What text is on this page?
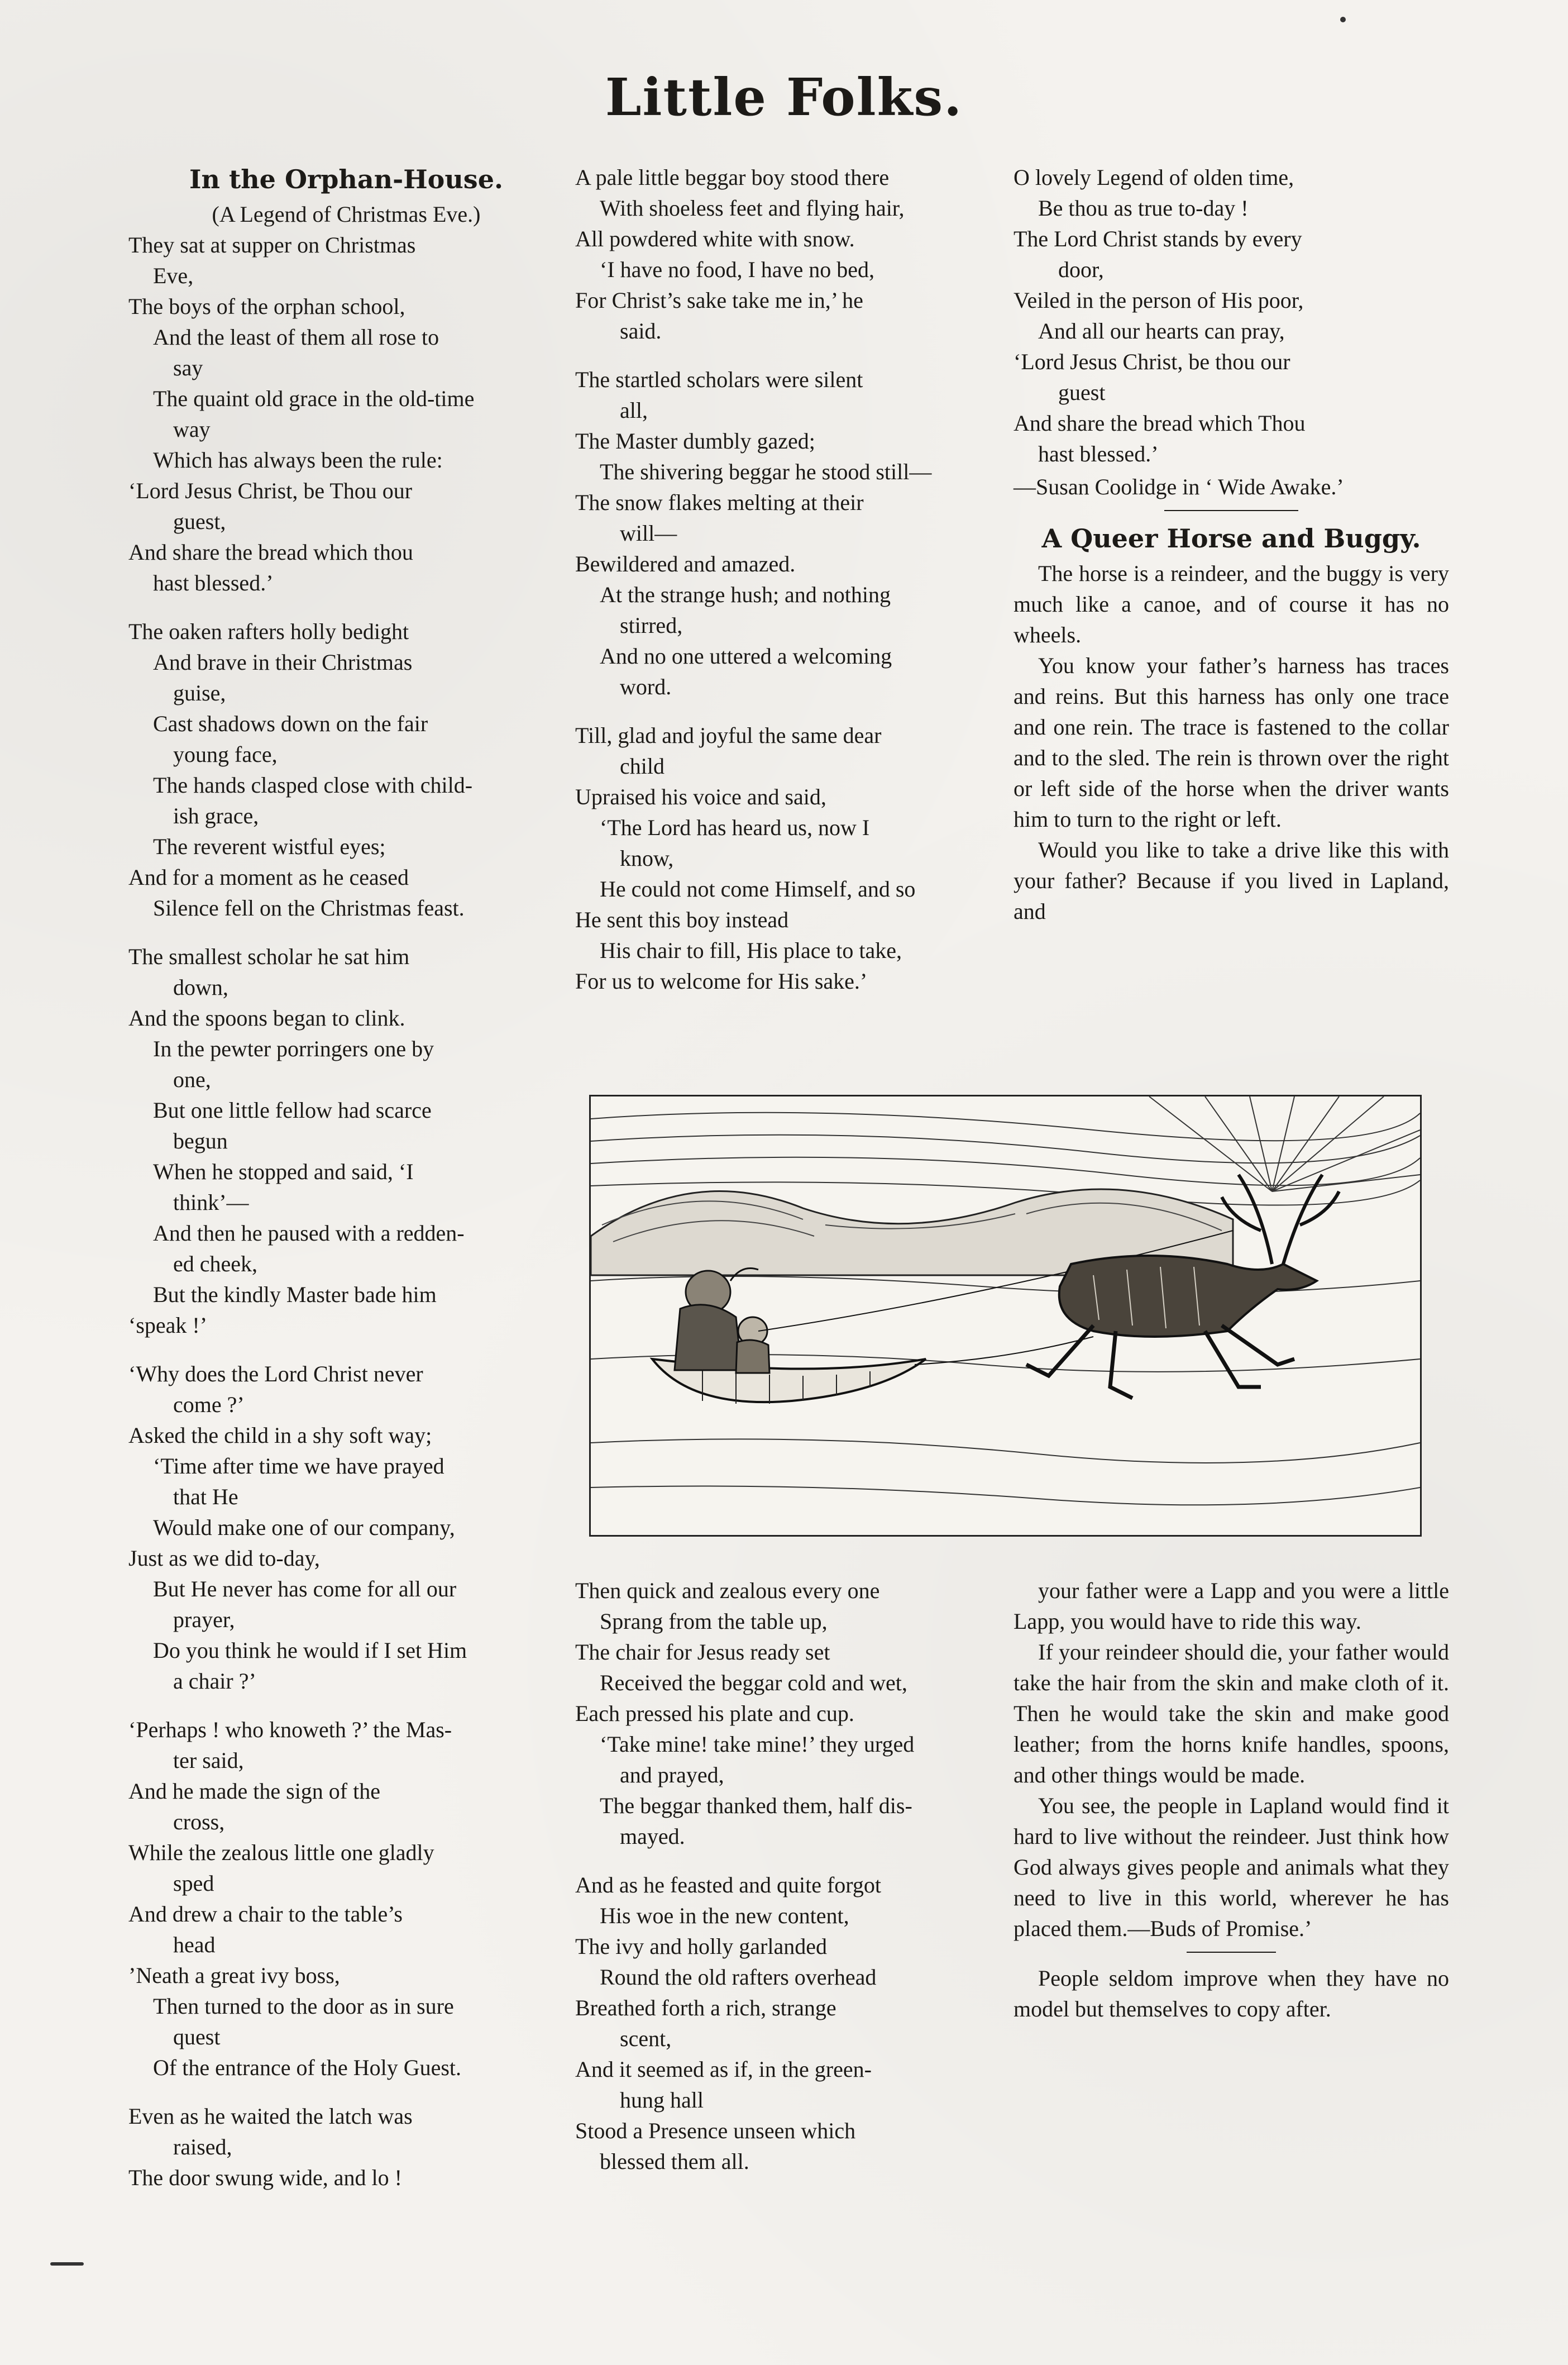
Little Folks.
In the Orphan-House.
(A Legend of Christmas Eve.)
They sat at supper on Christmas
Eve,
The boys of the orphan school,
And the least of them all rose to
say
The quaint old grace in the old-time
way
Which has always been the rule:
‘Lord Jesus Christ, be Thou our
guest,
And share the bread which thou
hast blessed.’
The oaken rafters holly bedight
And brave in their Christmas
guise,
Cast shadows down on the fair
young face,
The hands clasped close with child-
ish grace,
The reverent wistful eyes;
And for a moment as he ceased
Silence fell on the Christmas feast.
The smallest scholar he sat him
down,
And the spoons began to clink.
In the pewter porringers one by
one,
But one little fellow had scarce
begun
When he stopped and said, ‘I
think’—
And then he paused with a redden-
ed cheek,
But the kindly Master bade him
‘speak !’
‘Why does the Lord Christ never
come ?’
Asked the child in a shy soft way;
‘Time after time we have prayed
that He
Would make one of our company,
Just as we did to-day,
But He never has come for all our
prayer,
Do you think he would if I set Him
a chair ?’
‘Perhaps ! who knoweth ?’ the Mas-
ter said,
And he made the sign of the
cross,
While the zealous little one gladly
sped
And drew a chair to the table’s
head
’Neath a great ivy boss,
Then turned to the door as in sure
quest
Of the entrance of the Holy Guest.
Even as he waited the latch was
raised,
The door swung wide, and lo !
A pale little beggar boy stood there
With shoeless feet and flying hair,
All powdered white with snow.
‘I have no food, I have no bed,
For Christ’s sake take me in,’ he
said.
The startled scholars were silent
all,
The Master dumbly gazed;
The shivering beggar he stood still—
The snow flakes melting at their
will—
Bewildered and amazed.
At the strange hush; and nothing
stirred,
And no one uttered a welcoming
word.
Till, glad and joyful the same dear
child
Upraised his voice and said,
‘The Lord has heard us, now I
know,
He could not come Himself, and so
He sent this boy instead
His chair to fill, His place to take,
For us to welcome for His sake.’
O lovely Legend of olden time,
Be thou as true to-day !
The Lord Christ stands by every
door,
Veiled in the person of His poor,
And all our hearts can pray,
‘Lord Jesus Christ, be thou our
guest
And share the bread which Thou
hast blessed.’
—Susan Coolidge in ‘ Wide Awake.’
A Queer Horse and Buggy.

The horse is a reindeer, and the buggy is very much like a canoe, and of course it has no wheels.

You know your father’s harness has traces and reins. But this harness has only one trace and one rein. The trace is fastened to the collar and to the sled. The rein is thrown over the right or left side of the horse when the driver wants him to turn to the right or left.

Would you like to take a drive like this with your father? Because if you lived in Lapland, and

Then quick and zealous every one
Sprang from the table up,
The chair for Jesus ready set
Received the beggar cold and wet,
Each pressed his plate and cup.
‘Take mine! take mine!’ they urged
and prayed,
The beggar thanked them, half dis-
mayed.
And as he feasted and quite forgot
His woe in the new content,
The ivy and holly garlanded
Round the old rafters overhead
Breathed forth a rich, strange
scent,
And it seemed as if, in the green-
hung hall
Stood a Presence unseen which
blessed them all.

your father were a Lapp and you were a little Lapp, you would have to ride this way.

If your reindeer should die, your father would take the hair from the skin and make cloth of it. Then he would take the skin and make good leather; from the horns knife handles, spoons, and other things would be made.

You see, the people in Lapland would find it hard to live without the reindeer. Just think how God always gives people and animals what they need to live in this world, wherever he has placed them.—Buds of Promise.’

People seldom improve when they have no model but themselves to copy after.
